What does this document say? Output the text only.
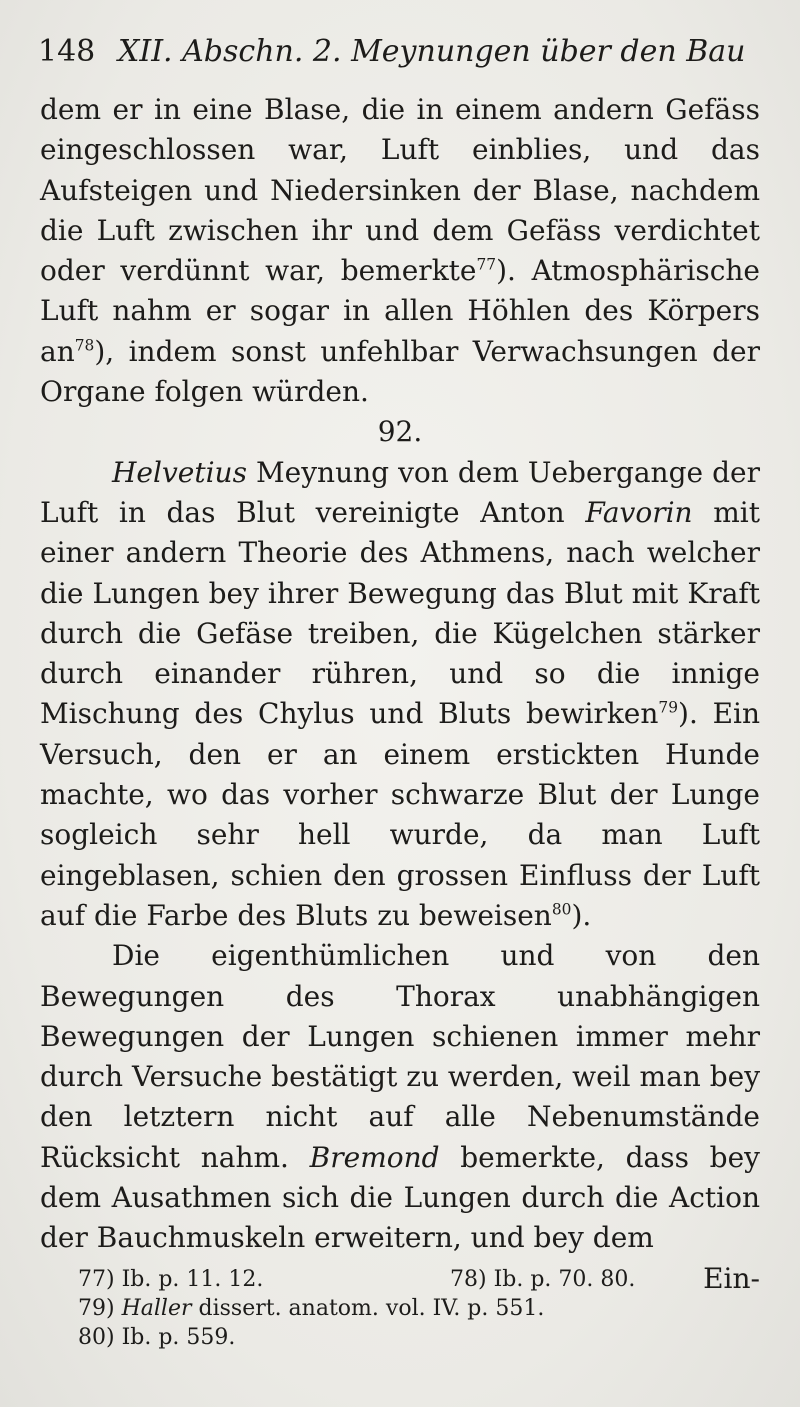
148 XII. Abschn. 2. Meynungen über den Bau

dem er in eine Blase, die in einem andern Gefäss eingeschlossen war, Luft einblies, und das Aufsteigen und Niedersinken der Blase, nachdem die Luft zwischen ihr und dem Gefäss verdichtet oder verdünnt war, bemerkte$^{77}$). Atmosphärische Luft nahm er sogar in allen Höhlen des Körpers $an^{78}$), indem sonst unfehlbar Verwachsungen der Organe folgen würden.

92.

Helvetius Meynung von dem Uebergange der Luft in das Blut vereinigte Anton Favorin mit einer andern Theorie des Athmens, nach welcher die Lungen bey ihrer Bewegung das Blut mit Kraft durch die Gefäse treiben, die Kügelchen stärker durch einander rühren, und so die innige Mischung des Chylus und Bluts bewirken$^{79}$). Ein Versuch, den er an einem erstickten Hunde machte, wo das vorher schwarze Blut der Lunge sogleich sehr hell wurde, da man Luft eingeblasen, schien den grossen Einfluss der Luft auf die Farbe des Bluts zu beweisen$^{80}$).

Die eigenthümlichen und von den Bewegungen des Thorax unabhängigen Bewegungen der Lungen schienen immer mehr durch Versuche bestätigt zu werden, weil man bey den letztern nicht auf alle Nebenumstände Rücksicht nahm. Bremond bemerkte, dass bey dem Ausathmen sich die Lungen durch die Action der Bauchmuskeln erweitern, und bey dem

Ein-
77) Ib. p. 11. 12.	78) Ib. p. 70. 80.
79) Haller dissert. anatom. vol. IV. p. 551.
80) Ib. p. 559.
